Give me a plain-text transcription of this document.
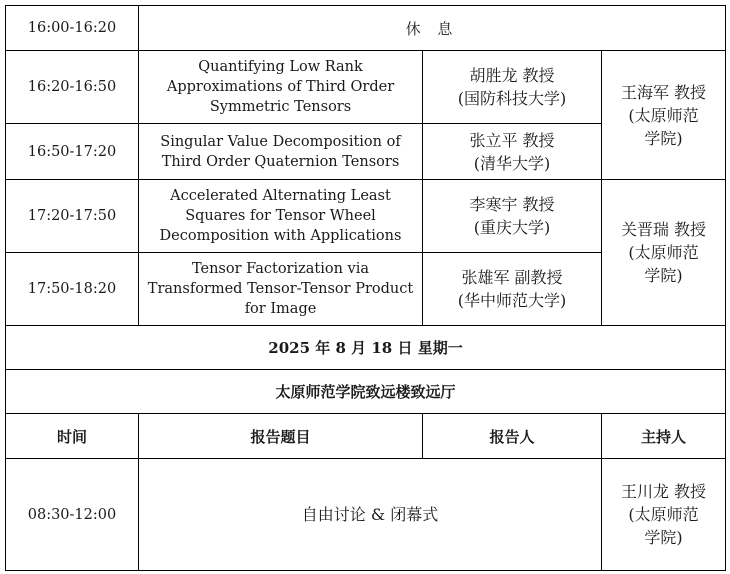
16:00-16:20	休 息		
16:20-16:50	Quantifying Low Rank
Approximations of Third Order
Symmetric Tensors	胡胜龙 教授
(国防科技大学)	王海军 教授
(太原师范
学院)

16:50-17:20	Singular Value Decomposition of
Third Order Quaternion Tensors	张立平 教授
(清华大学)	

17:20-17:50	Accelerated Alternating Least
Squares for Tensor Wheel
Decomposition with Applications	李寒宇 教授
(重庆大学)	关晋瑞 教授
(太原师范
学院)

17:50-18:20	Tensor Factorization via
Transformed Tensor-Tensor Product
for Image	张雄军 副教授
(华中师范大学)	

2025 年 8 月 18 日 星期一			
太原师范学院致远楼致远厅			
时间	报告题目	报告人	主持人
08:30-12:00	自由讨论 & 闭幕式		王川龙 教授
(太原师范
学院)
